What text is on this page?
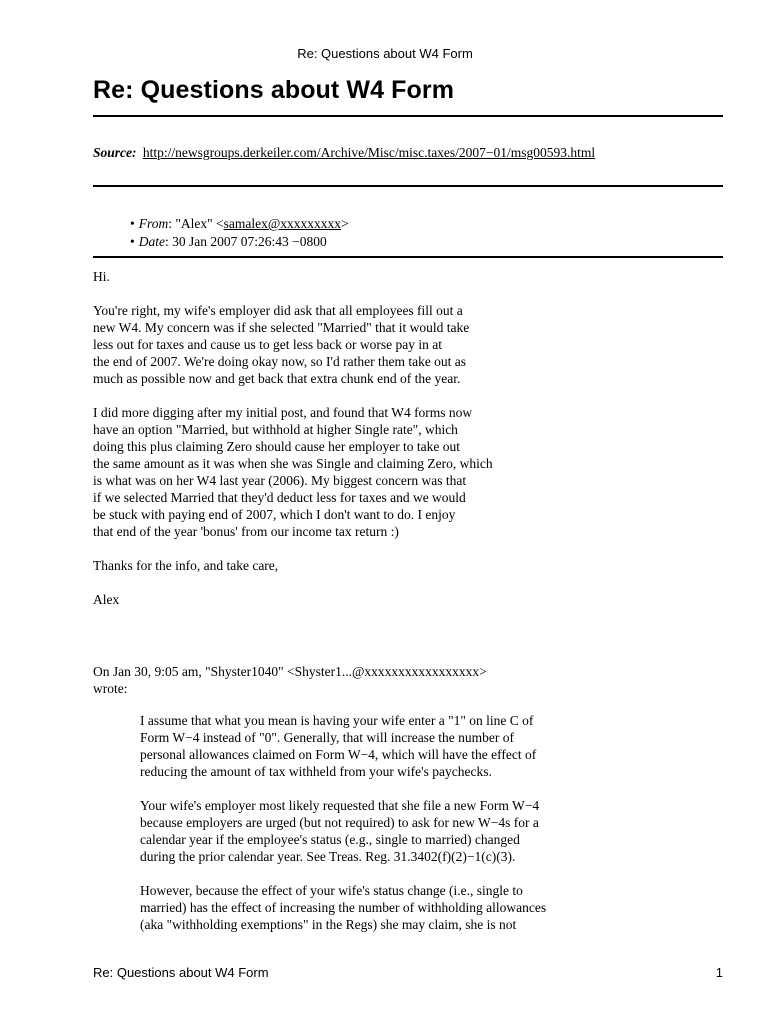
Re: Questions about W4 Form
Re: Questions about W4 Form
Source: http://newsgroups.derkeiler.com/Archive/Misc/misc.taxes/2007−01/msg00593.html
• From: "Alex" <samalex@xxxxxxxxx>
• Date: 30 Jan 2007 07:26:43 −0800

Hi.

You're right, my wife's employer did ask that all employees fill out a
new W4. My concern was if she selected "Married" that it would take
less out for taxes and cause us to get less back or worse pay in at
the end of 2007. We're doing okay now, so I'd rather them take out as
much as possible now and get back that extra chunk end of the year.

I did more digging after my initial post, and found that W4 forms now
have an option "Married, but withhold at higher Single rate", which
doing this plus claiming Zero should cause her employer to take out
the same amount as it was when she was Single and claiming Zero, which
is what was on her W4 last year (2006). My biggest concern was that
if we selected Married that they'd deduct less for taxes and we would
be stuck with paying end of 2007, which I don't want to do. I enjoy
that end of the year 'bonus' from our income tax return :)

Thanks for the info, and take care,

Alex

On Jan 30, 9:05 am, "Shyster1040" <Shyster1...@xxxxxxxxxxxxxxxxx>
wrote:

I assume that what you mean is having your wife enter a "1" on line C of
Form W−4 instead of "0". Generally, that will increase the number of
personal allowances claimed on Form W−4, which will have the effect of
reducing the amount of tax withheld from your wife's paychecks.

Your wife's employer most likely requested that she file a new Form W−4
because employers are urged (but not required) to ask for new W−4s for a
calendar year if the employee's status (e.g., single to married) changed
during the prior calendar year. See Treas. Reg. 31.3402(f)(2)−1(c)(3).

However, because the effect of your wife's status change (i.e., single to
married) has the effect of increasing the number of withholding allowances
(aka "withholding exemptions" in the Regs) she may claim, she is not

Re: Questions about W4 Form	1
